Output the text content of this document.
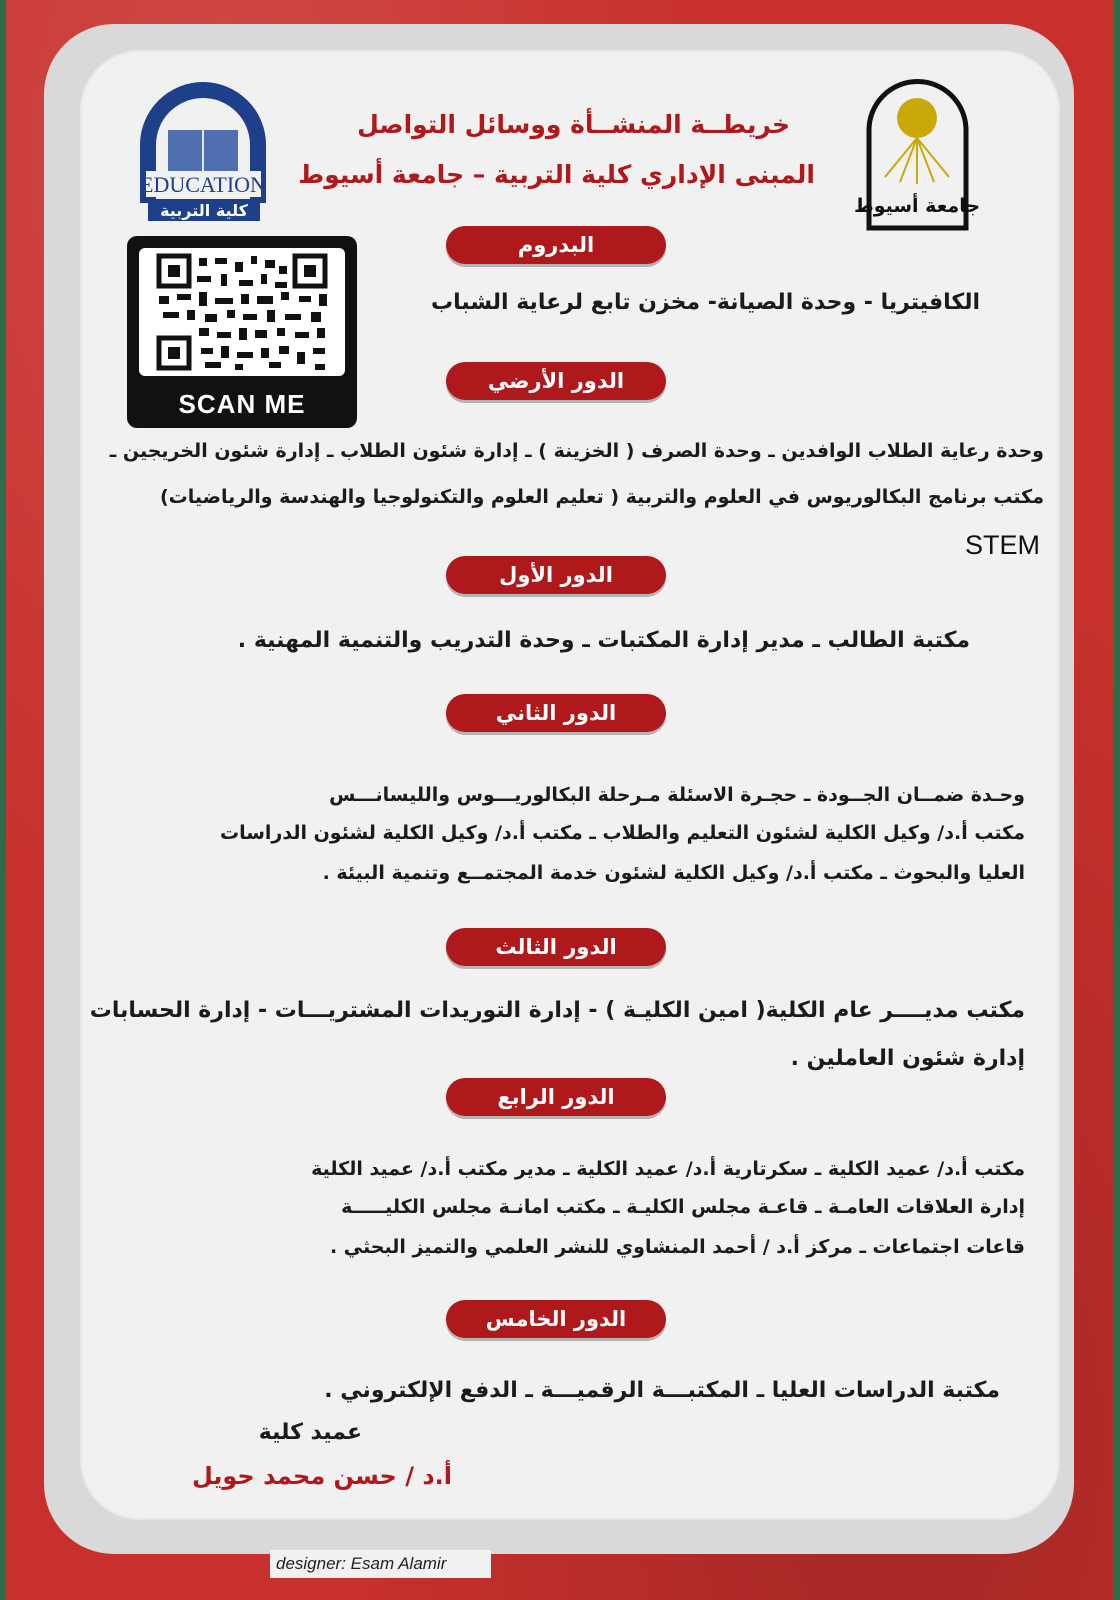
EDUCATION
كلية التربية	جامعة أسيوط
خريطــة المنشــأة ووسائل التواصل
المبنى الإداري كلية التربية – جامعة أسيوط
SCAN ME
البدروم
الكافيتريا - وحدة الصيانة- مخزن تابع لرعاية الشباب
الدور الأرضي
وحدة رعاية الطلاب الوافدين ـ وحدة الصرف ( الخزينة ) ـ إدارة شئون الطلاب ـ إدارة شئون الخريجين ـ
مكتب برنامج البكالوريوس في العلوم والتربية ( تعليم العلوم والتكنولوجيا والهندسة والرياضيات)
STEM
الدور الأول
مكتبة الطالب ـ مدير إدارة المكتبات ـ وحدة التدريب والتنمية المهنية .
الدور الثاني
وحـدة ضمــان الجــودة ـ حجـرة الاسئلة مـرحلة البكالوريـــوس والليسانـــس
مكتب أ.د/ وكيل الكلية لشئون التعليم والطلاب ـ مكتب أ.د/ وكيل الكلية لشئون الدراسات
العليا والبحوث ـ مكتب أ.د/ وكيل الكلية لشئون خدمة المجتمــع وتنمية البيئة .
الدور الثالث
مكتب مديــــر عام الكلية( امين الكليـة ) - إدارة التوريدات المشتريـــات - إدارة الحسابات
إدارة شئون العاملين .
الدور الرابع
مكتب أ.د/ عميد الكلية ـ سكرتارية أ.د/ عميد الكلية ـ مدير مكتب أ.د/ عميد الكلية
إدارة العلاقات العامـة ـ قاعـة مجلس الكليـة ـ مكتب امانـة مجلس الكليـــــة
قاعات اجتماعات ـ مركز أ.د / أحمد المنشاوي للنشر العلمي والتميز البحثي .
الدور الخامس
مكتبة الدراسات العليا ـ المكتبـــة الرقميـــة ـ الدفع الإلكتروني .
عميد كلية
أ.د / حسن محمد حويل
designer: Esam Alamir
